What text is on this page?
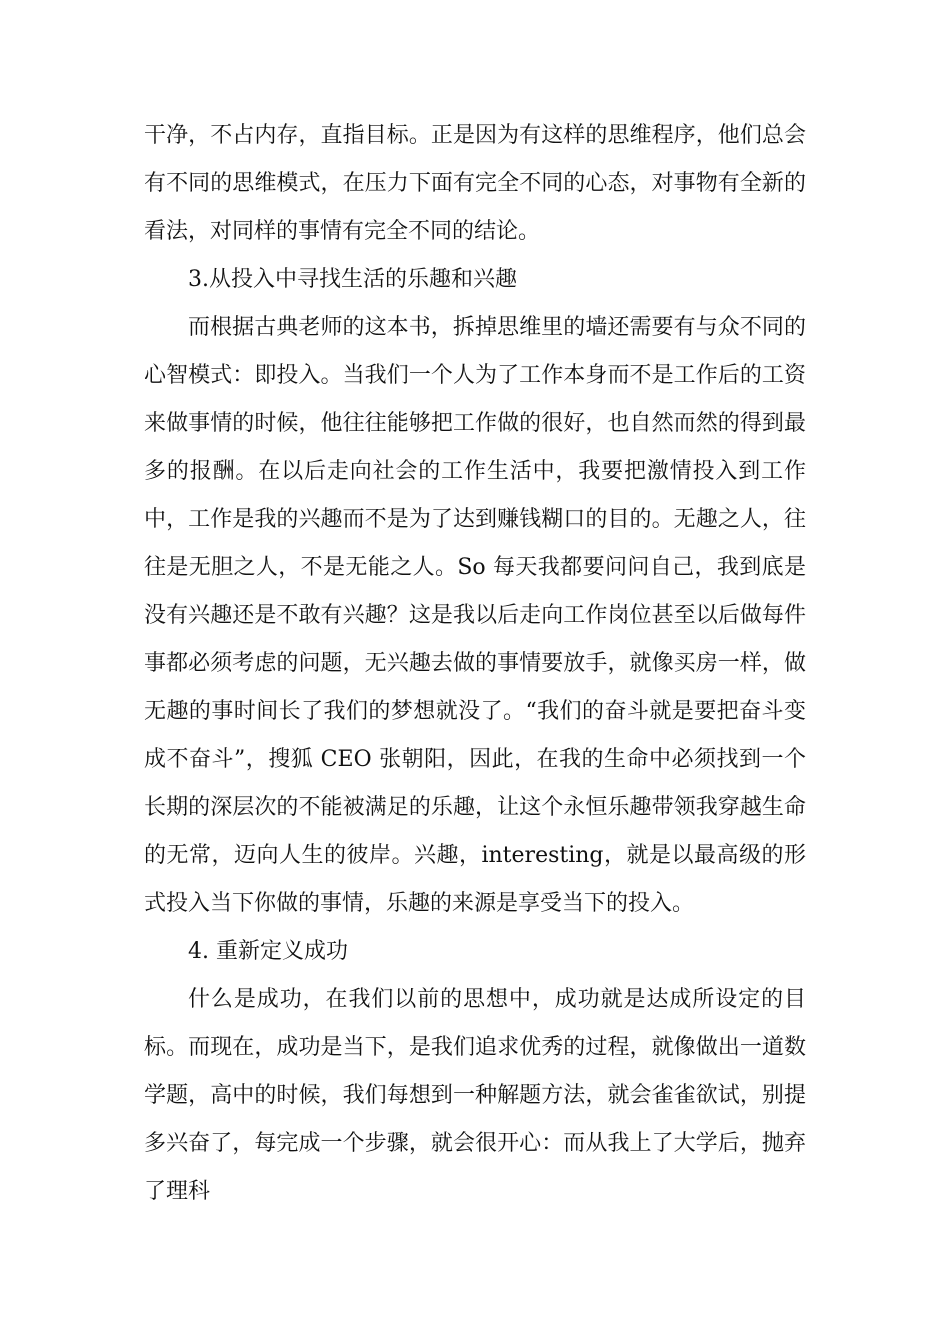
干净，不占内存，直指目标。正是因为有这样的思维程序，他们总会有不同的思维模式，在压力下面有完全不同的心态，对事物有全新的看法，对同样的事情有完全不同的结论。

3.从投入中寻找生活的乐趣和兴趣

而根据古典老师的这本书，拆掉思维里的墙还需要有与众不同的心智模式：即投入。当我们一个人为了工作本身而不是工作后的工资来做事情的时候，他往往能够把工作做的很好，也自然而然的得到最多的报酬。在以后走向社会的工作生活中，我要把激情投入到工作中，工作是我的兴趣而不是为了达到赚钱糊口的目的。无趣之人，往往是无胆之人，不是无能之人。So 每天我都要问问自己，我到底是没有兴趣还是不敢有兴趣？这是我以后走向工作岗位甚至以后做每件事都必须考虑的问题，无兴趣去做的事情要放手，就像买房一样，做无趣的事时间长了我们的梦想就没了。“我们的奋斗就是要把奋斗变成不奋斗”，搜狐 CEO 张朝阳，因此，在我的生命中必须找到一个长期的深层次的不能被满足的乐趣，让这个永恒乐趣带领我穿越生命的无常，迈向人生的彼岸。兴趣，interesting，就是以最高级的形式投入当下你做的事情，乐趣的来源是享受当下的投入。

4. 重新定义成功

什么是成功，在我们以前的思想中，成功就是达成所设定的目标。而现在，成功是当下，是我们追求优秀的过程，就像做出一道数学题，高中的时候，我们每想到一种解题方法，就会雀雀欲试，别提多兴奋了，每完成一个步骤，就会很开心：而从我上了大学后，抛弃了理科
